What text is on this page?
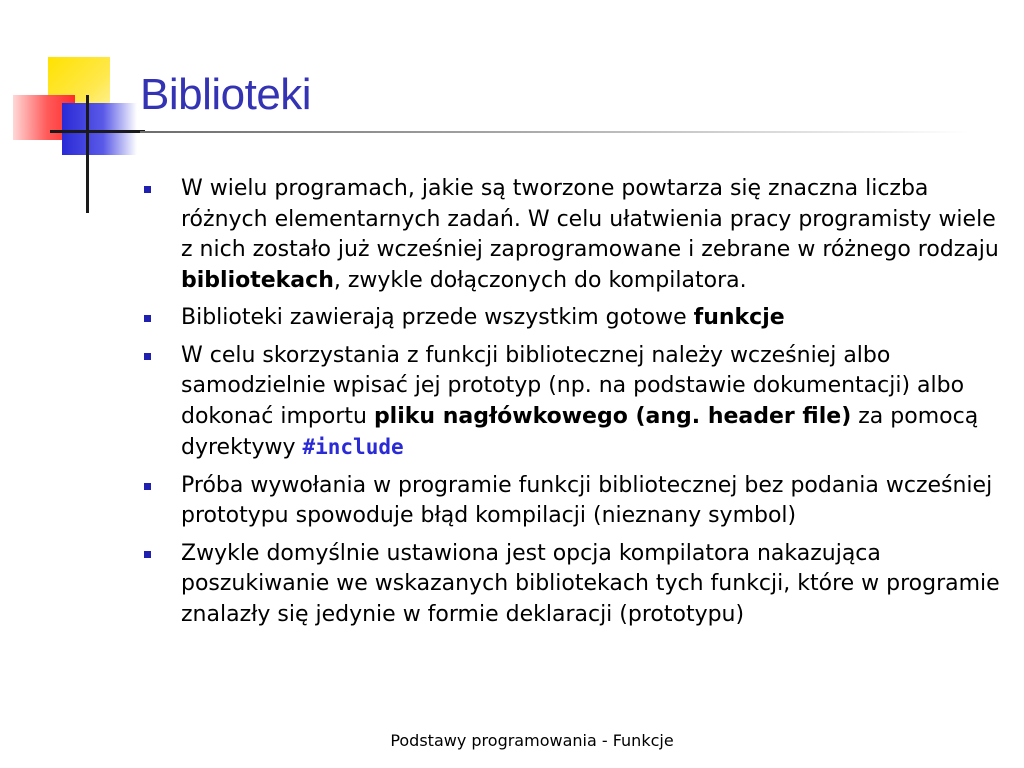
Biblioteki
W wielu programach, jakie są tworzone powtarza się znaczna liczba różnych elementarnych zadań. W celu ułatwienia pracy programisty wiele z nich zostało już wcześniej zaprogramowane i zebrane w różnego rodzaju bibliotekach, zwykle dołączonych do kompilatora.
Biblioteki zawierają przede wszystkim gotowe funkcje
W celu skorzystania z funkcji bibliotecznej należy wcześniej albo samodzielnie wpisać jej prototyp (np. na podstawie dokumentacji) albo dokonać importu pliku nagłówkowego (ang. header file) za pomocą dyrektywy #include
Próba wywołania w programie funkcji bibliotecznej bez podania wcześniej prototypu spowoduje błąd kompilacji (nieznany symbol)
Zwykle domyślnie ustawiona jest opcja kompilatora nakazująca poszukiwanie we wskazanych bibliotekach tych funkcji, które w programie znalazły się jedynie w formie deklaracji (prototypu)
Podstawy programowania - Funkcje
